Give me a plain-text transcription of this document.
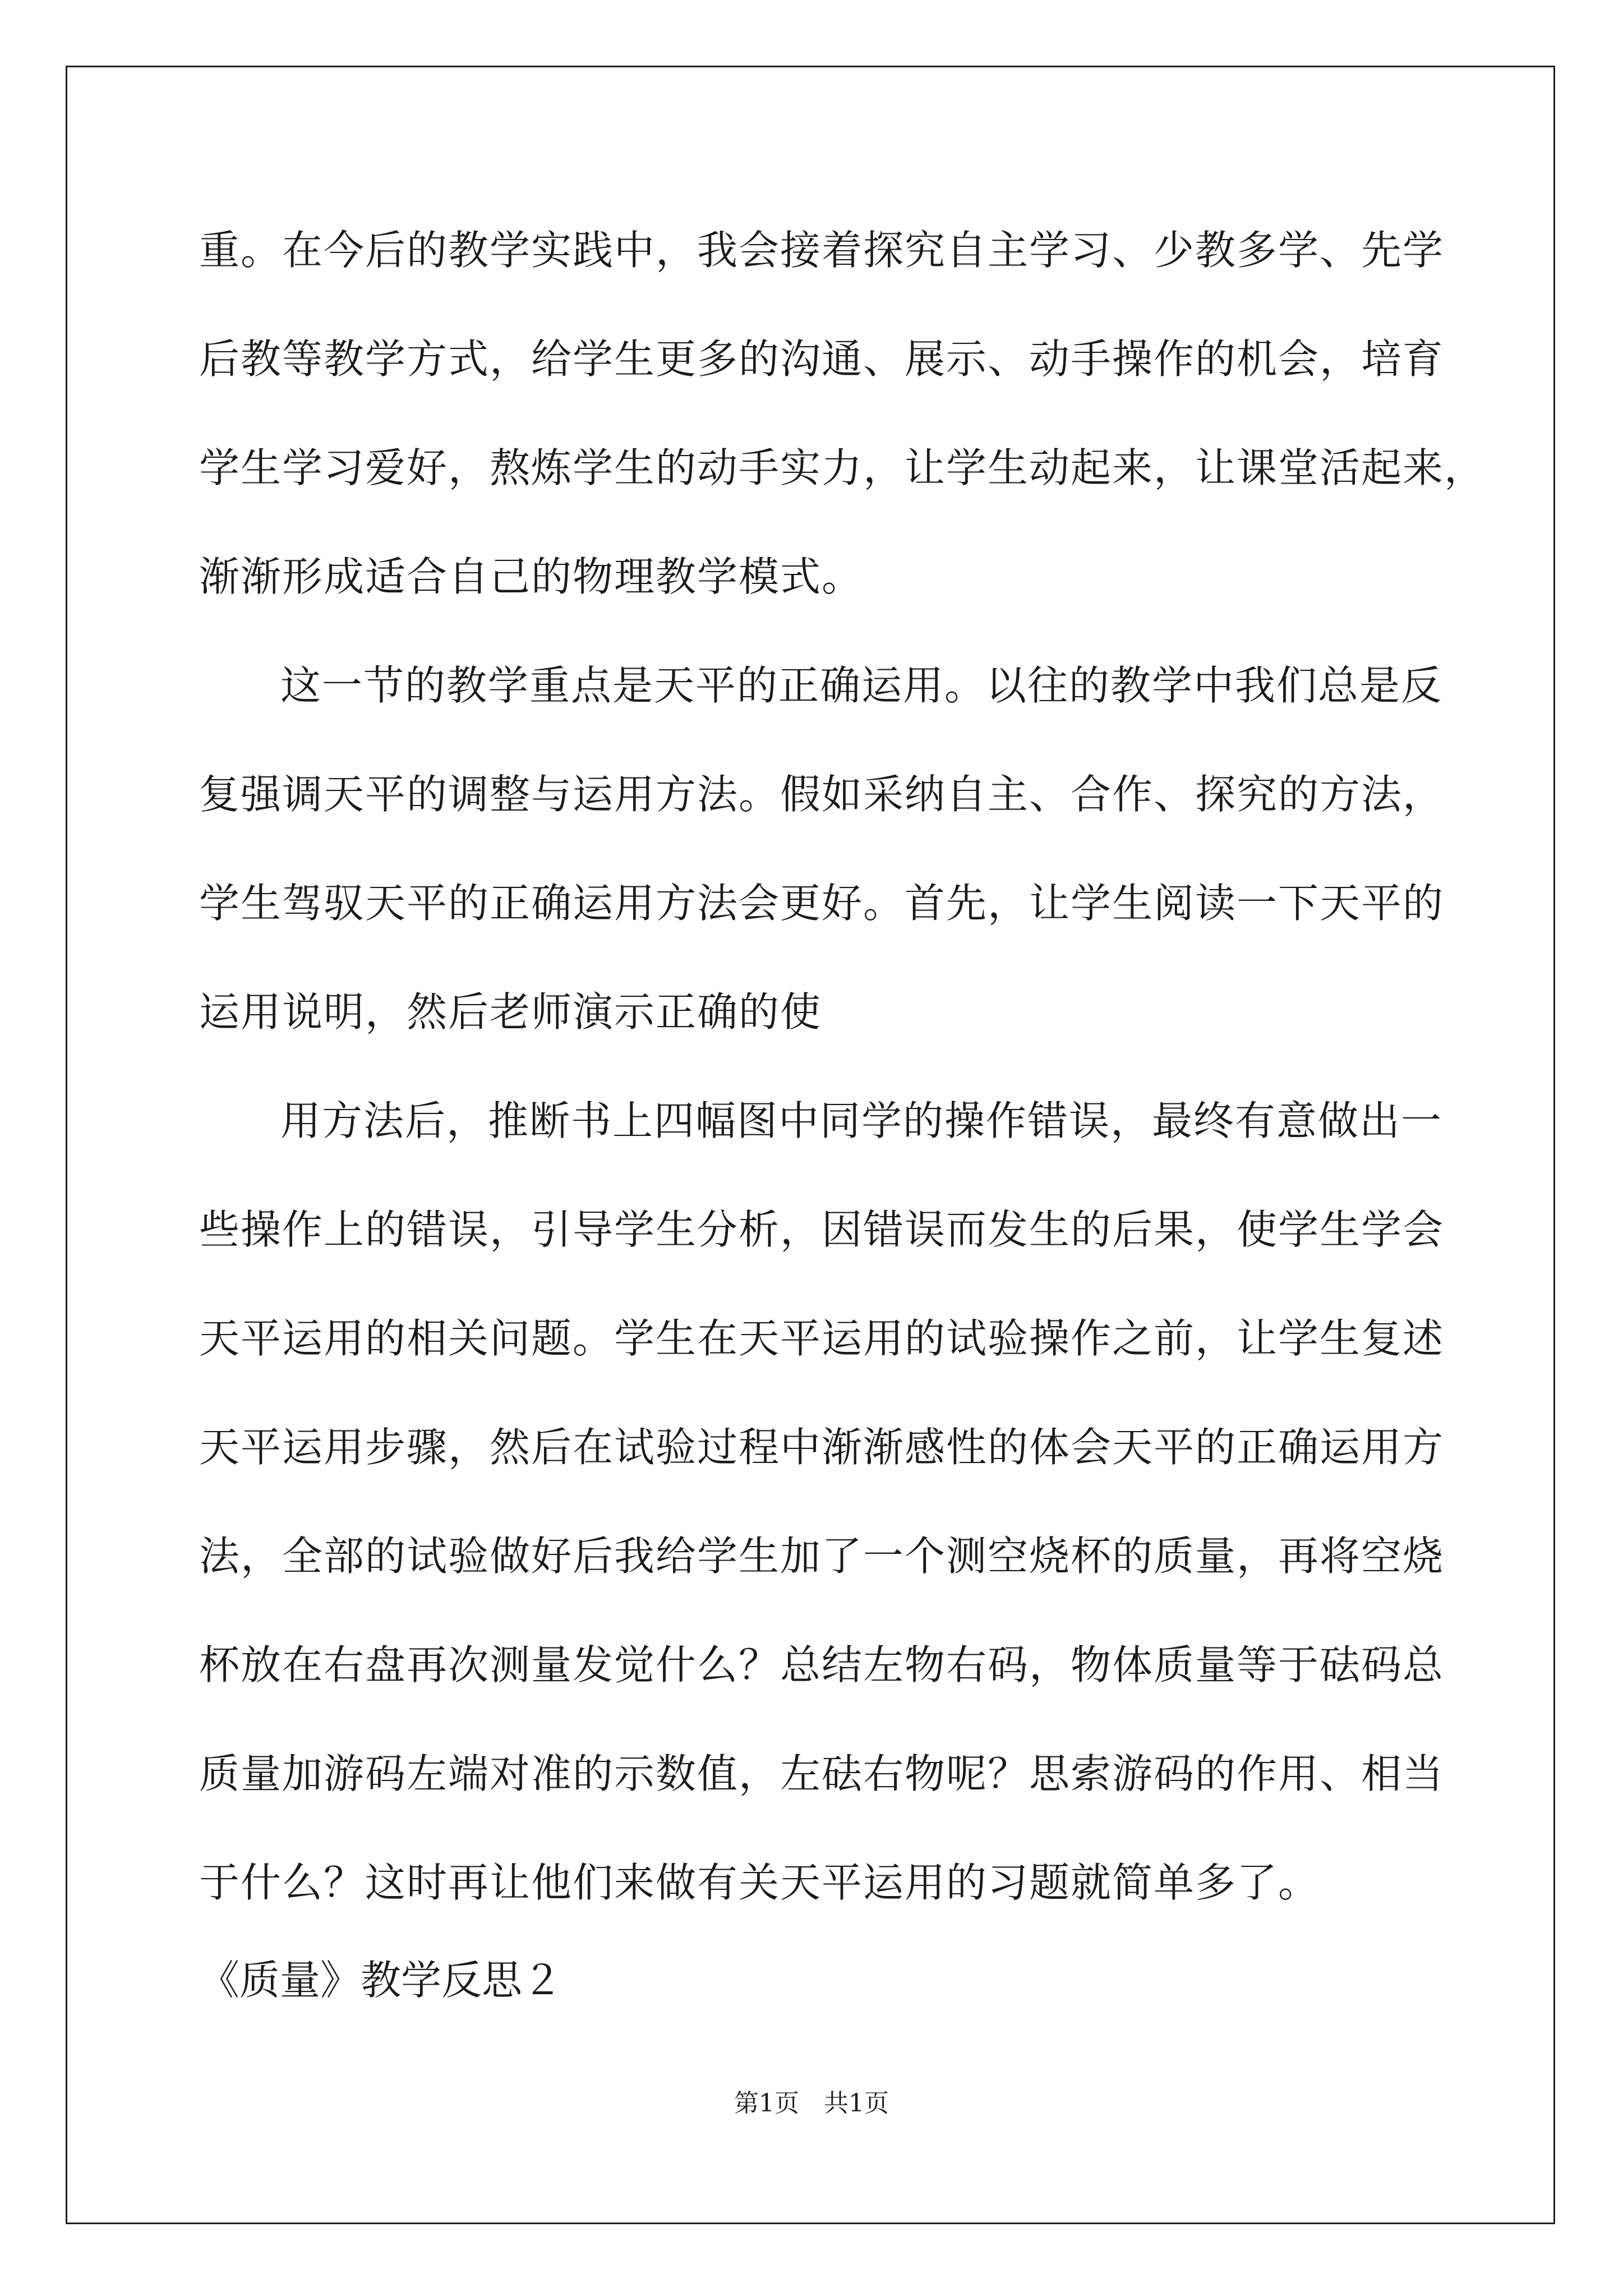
重。在今后的教学实践中，我会接着探究自主学习、少教多学、先学
后教等教学方式，给学生更多的沟通、展示、动手操作的机会，培育
学生学习爱好，熬炼学生的动手实力，让学生动起来，让课堂活起来，
渐渐形成适合自己的物理教学模式。
这一节的教学重点是天平的正确运用。以往的教学中我们总是反
复强调天平的调整与运用方法。假如采纳自主、合作、探究的方法，
学生驾驭天平的正确运用方法会更好。首先，让学生阅读一下天平的
运用说明，然后老师演示正确的使
用方法后，推断书上四幅图中同学的操作错误，最终有意做出一
些操作上的错误，引导学生分析，因错误而发生的后果，使学生学会
天平运用的相关问题。学生在天平运用的试验操作之前，让学生复述
天平运用步骤，然后在试验过程中渐渐感性的体会天平的正确运用方
法，全部的试验做好后我给学生加了一个测空烧杯的质量，再将空烧
杯放在右盘再次测量发觉什么？总结左物右码，物体质量等于砝码总
质量加游码左端对准的示数值，左砝右物呢？思索游码的作用、相当
于什么？这时再让他们来做有关天平运用的习题就简单多了。
《质量》教学反思２
第1页　共1页
